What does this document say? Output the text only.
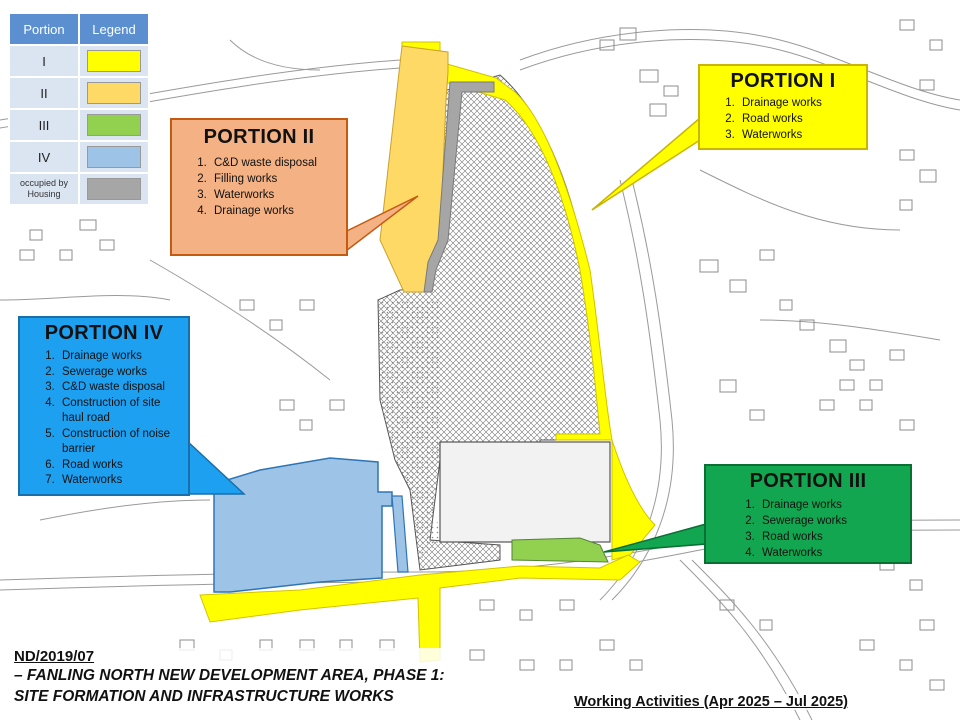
Portion	Legend
I	
II	
III	
IV	
occupied by Housing	
PORTION II
1. C&D waste disposal
2. Filling works
3. Waterworks
4. Drainage works
PORTION I
1. Drainage works
2. Road works
3. Waterworks
PORTION IV
1. Drainage works
2. Sewerage works
3. C&D waste disposal
4. Construction of site haul road
5. Construction of noise barrier
6. Road works
7. Waterworks	PORTION III
1. Drainage works
2. Sewerage works
3. Road works
4. Waterworks
ND/2019/07
– FANLING NORTH NEW DEVELOPMENT AREA, PHASE 1:
SITE FORMATION AND INFRASTRUCTURE WORKS	Working Activities (Apr 2025 – Jul 2025)
